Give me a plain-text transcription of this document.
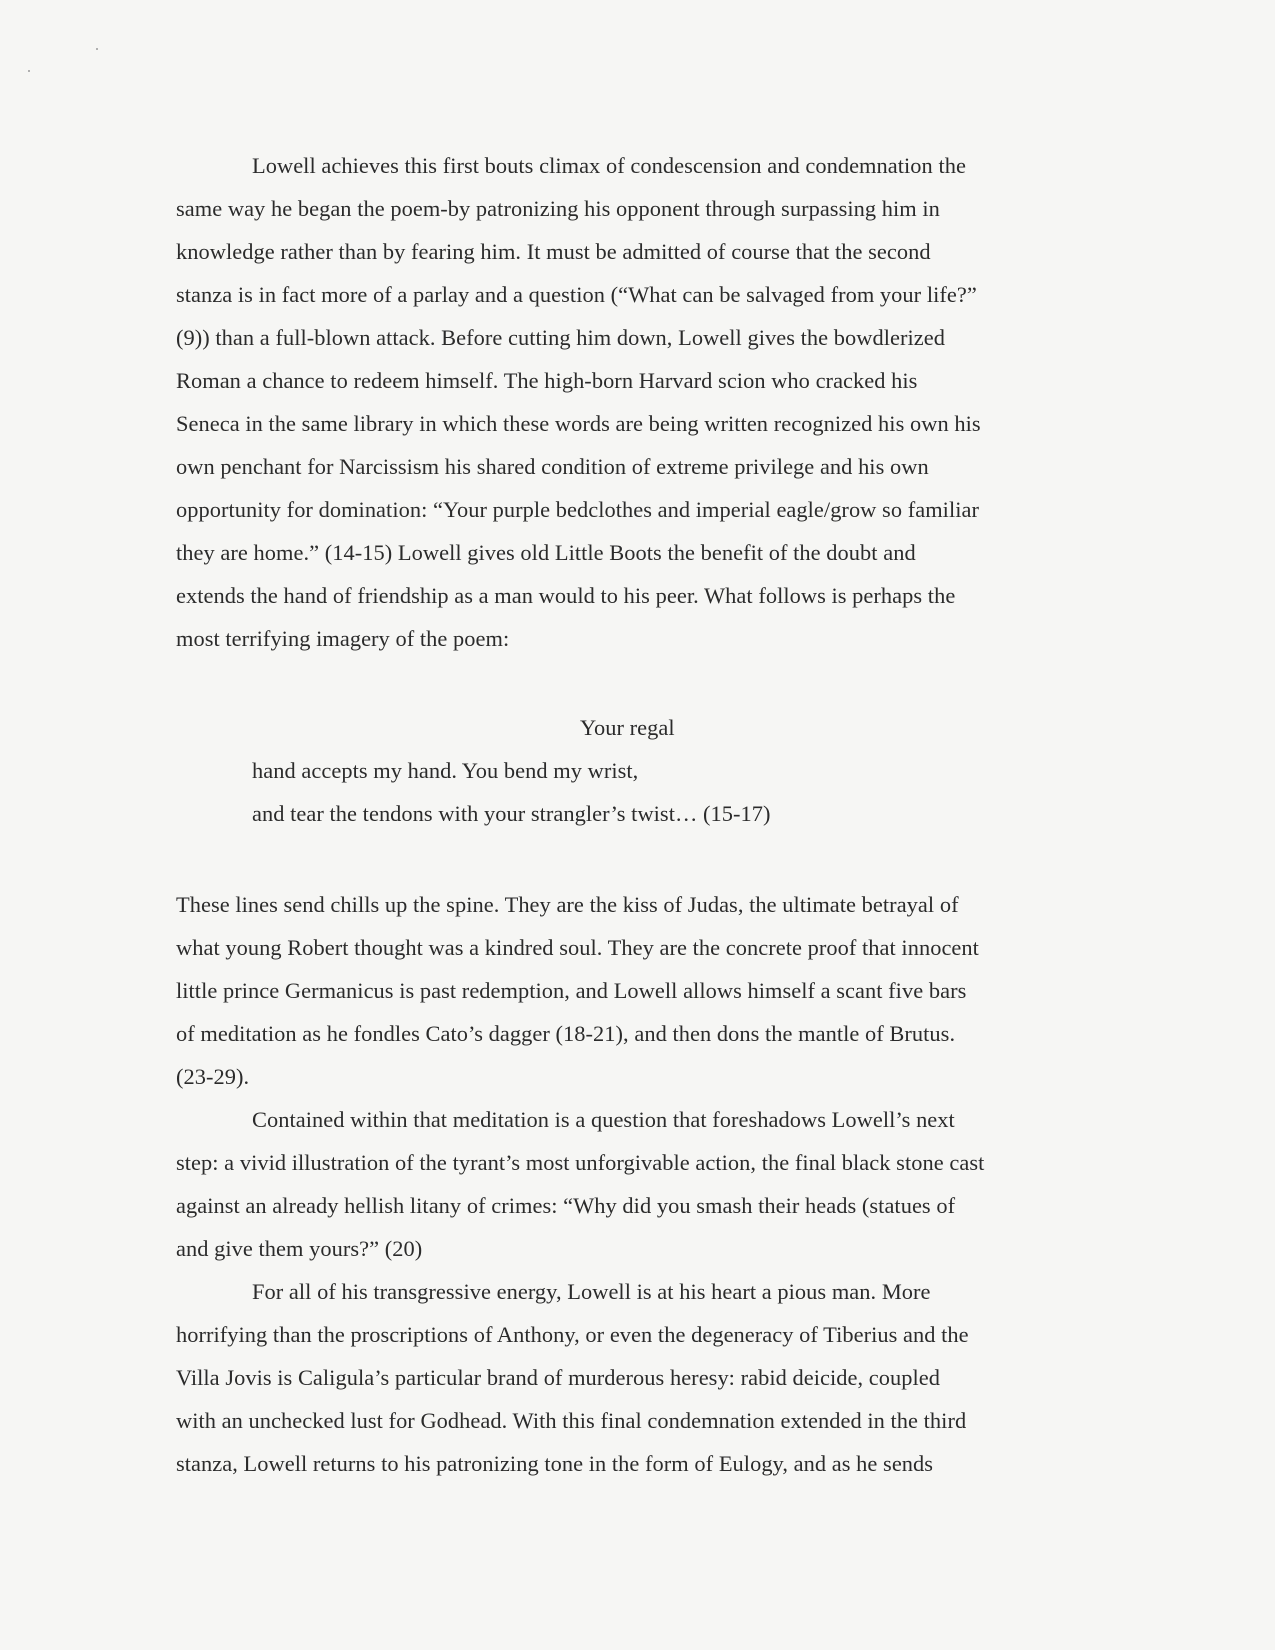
Lowell achieves this first bouts climax of condescension and condemnation the

same way he began the poem-by patronizing his opponent through surpassing him in

knowledge rather than by fearing him. It must be admitted of course that the second

stanza is in fact more of a parlay and a question (“What can be salvaged from your life?”

(9)) than a full-blown attack. Before cutting him down, Lowell gives the bowdlerized

Roman a chance to redeem himself. The high-born Harvard scion who cracked his

Seneca in the same library in which these words are being written recognized his own his

own penchant for Narcissism his shared condition of extreme privilege and his own

opportunity for domination: “Your purple bedclothes and imperial eagle/grow so familiar

they are home.” (14-15) Lowell gives old Little Boots the benefit of the doubt and

extends the hand of friendship as a man would to his peer. What follows is perhaps the

most terrifying imagery of the poem:

Your regal

hand accepts my hand. You bend my wrist,

and tear the tendons with your strangler’s twist… (15-17)

These lines send chills up the spine. They are the kiss of Judas, the ultimate betrayal of

what young Robert thought was a kindred soul. They are the concrete proof that innocent

little prince Germanicus is past redemption, and Lowell allows himself a scant five bars

of meditation as he fondles Cato’s dagger (18-21), and then dons the mantle of Brutus.

(23-29).

Contained within that meditation is a question that foreshadows Lowell’s next

step: a vivid illustration of the tyrant’s most unforgivable action, the final black stone cast

against an already hellish litany of crimes: “Why did you smash their heads (statues of

and give them yours?” (20)

For all of his transgressive energy, Lowell is at his heart a pious man. More

horrifying than the proscriptions of Anthony, or even the degeneracy of Tiberius and the

Villa Jovis is Caligula’s particular brand of murderous heresy: rabid deicide, coupled

with an unchecked lust for Godhead. With this final condemnation extended in the third

stanza, Lowell returns to his patronizing tone in the form of Eulogy, and as he sends
